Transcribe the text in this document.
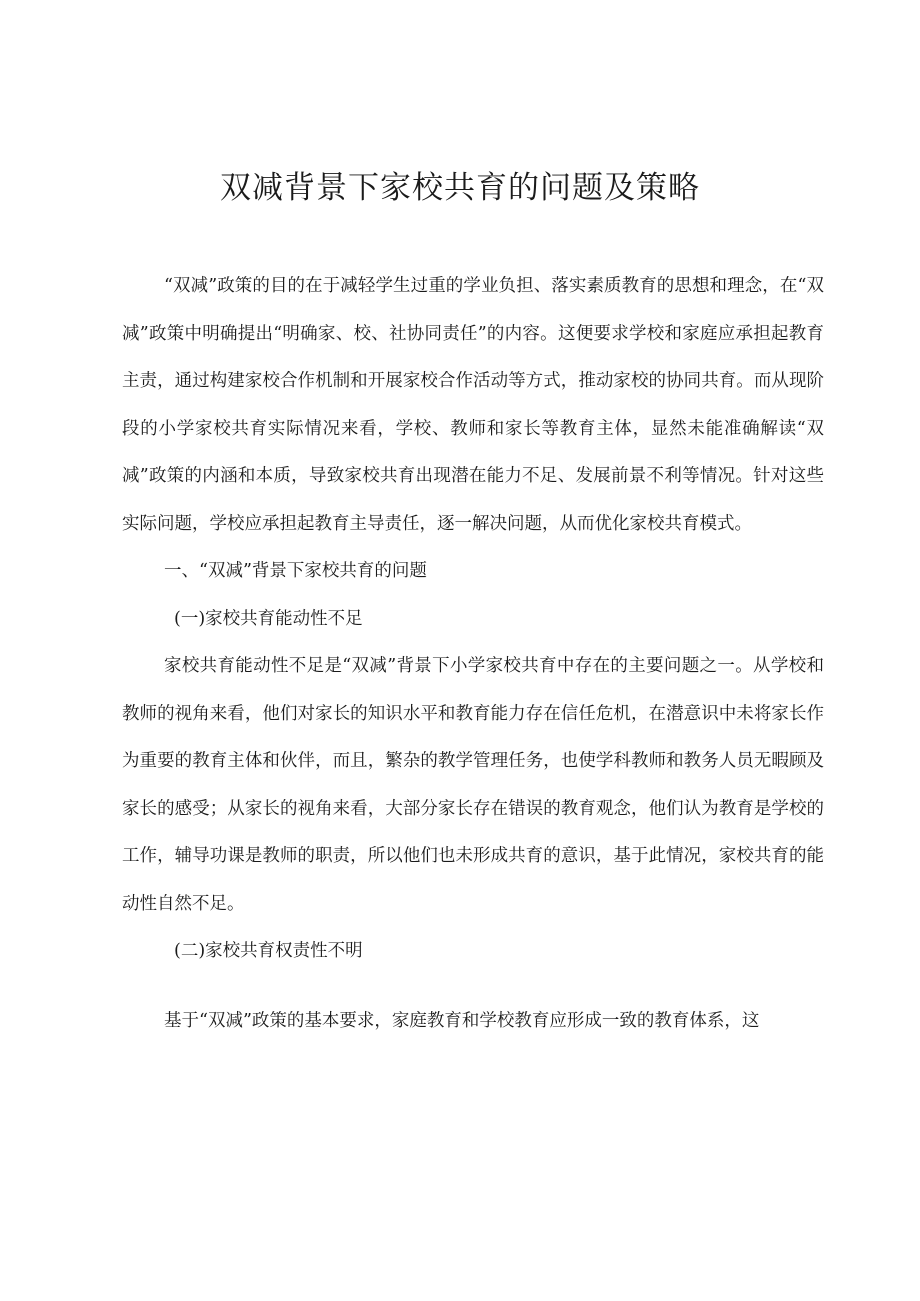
双减背景下家校共育的问题及策略

“双减”政策的目的在于减轻学生过重的学业负担、落实素质教育的思想和理念，在“双减”政策中明确提出“明确家、校、社协同责任”的内容。这便要求学校和家庭应承担起教育主责，通过构建家校合作机制和开展家校合作活动等方式，推动家校的协同共育。而从现阶段的小学家校共育实际情况来看，学校、教师和家长等教育主体，显然未能准确解读“双减”政策的内涵和本质，导致家校共育出现潜在能力不足、发展前景不利等情况。针对这些实际问题，学校应承担起教育主导责任，逐一解决问题，从而优化家校共育模式。

一、“双减”背景下家校共育的问题

(一)家校共育能动性不足

家校共育能动性不足是“双减”背景下小学家校共育中存在的主要问题之一。从学校和教师的视角来看，他们对家长的知识水平和教育能力存在信任危机，在潜意识中未将家长作为重要的教育主体和伙伴，而且，繁杂的教学管理任务，也使学科教师和教务人员无暇顾及家长的感受；从家长的视角来看，大部分家长存在错误的教育观念，他们认为教育是学校的工作，辅导功课是教师的职责，所以他们也未形成共育的意识，基于此情况，家校共育的能动性自然不足。

(二)家校共育权责性不明

基于“双减”政策的基本要求，家庭教育和学校教育应形成一致的教育体系，这
